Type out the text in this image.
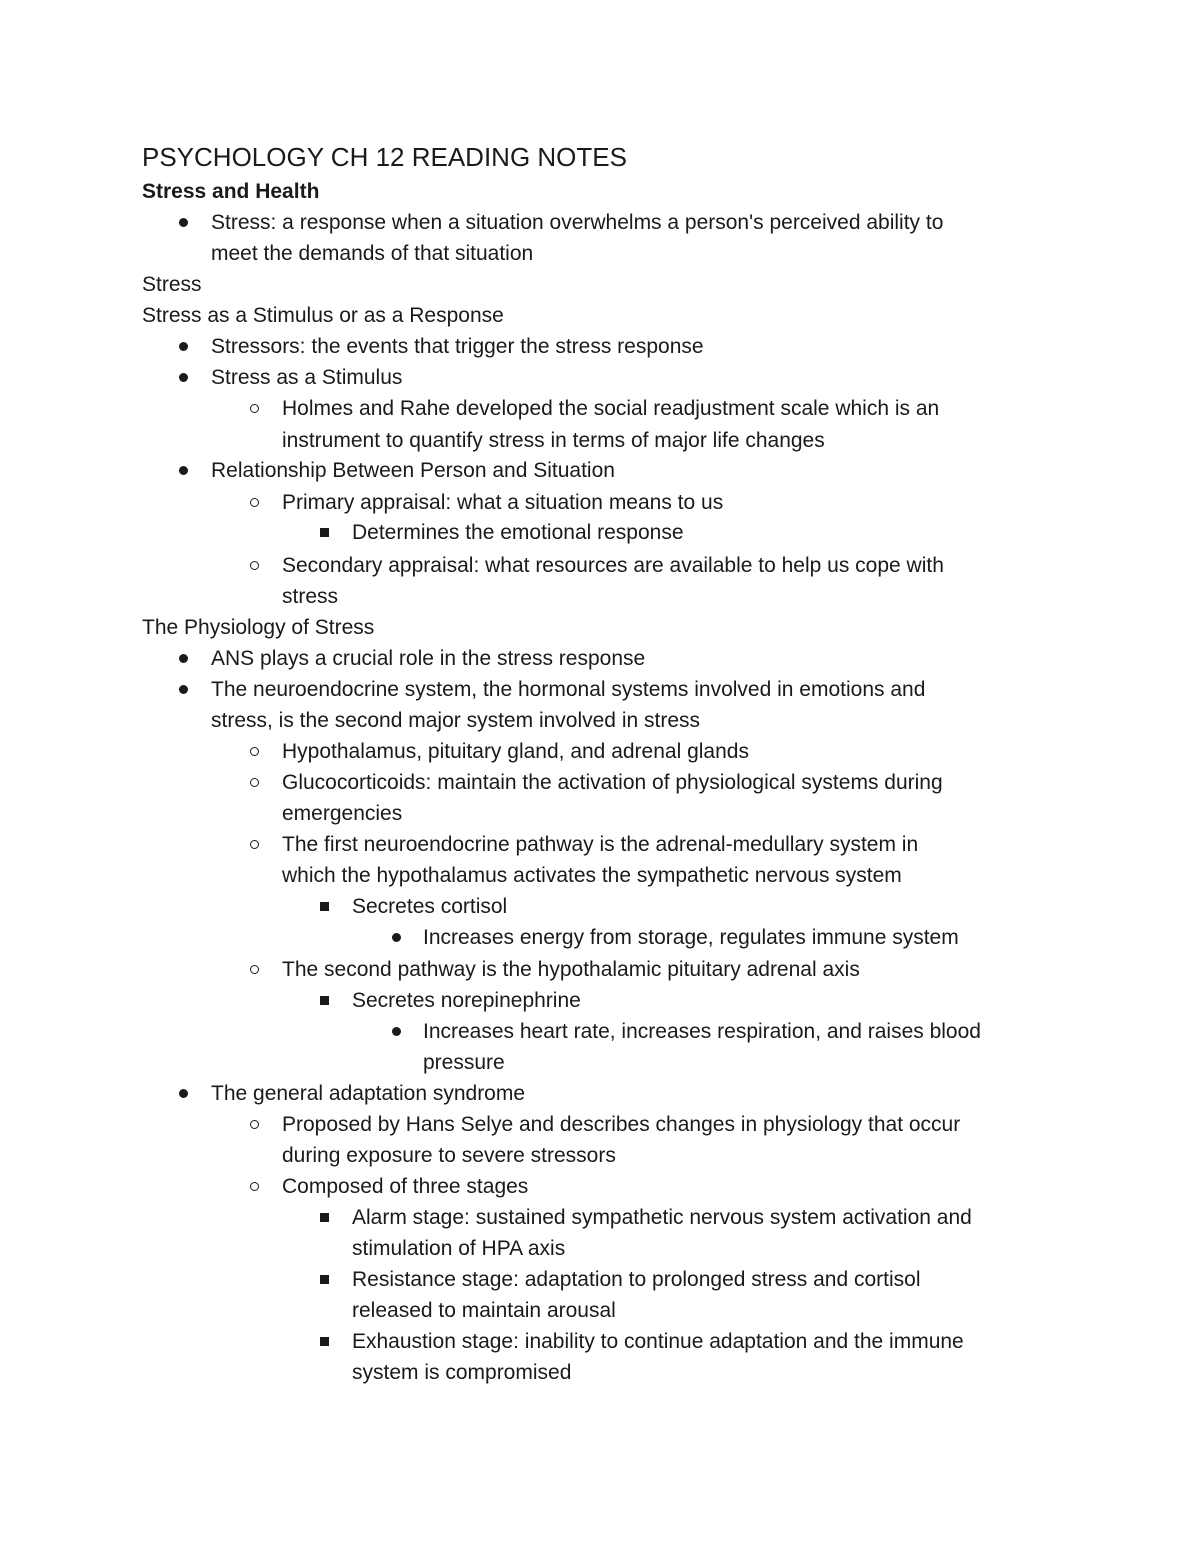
PSYCHOLOGY CH 12 READING NOTES
Stress and Health
Stress: a response when a situation overwhelms a person's perceived ability to
meet the demands of that situation
Stress
Stress as a Stimulus or as a Response
Stressors: the events that trigger the stress response
Stress as a Stimulus
Holmes and Rahe developed the social readjustment scale which is an
instrument to quantify stress in terms of major life changes
Relationship Between Person and Situation
Primary appraisal: what a situation means to us
Determines the emotional response
Secondary appraisal: what resources are available to help us cope with
stress
The Physiology of Stress
ANS plays a crucial role in the stress response
The neuroendocrine system, the hormonal systems involved in emotions and
stress, is the second major system involved in stress
Hypothalamus, pituitary gland, and adrenal glands
Glucocorticoids: maintain the activation of physiological systems during
emergencies
The first neuroendocrine pathway is the adrenal-medullary system in
which the hypothalamus activates the sympathetic nervous system
Secretes cortisol
Increases energy from storage, regulates immune system
The second pathway is the hypothalamic pituitary adrenal axis
Secretes norepinephrine
Increases heart rate, increases respiration, and raises blood
pressure
The general adaptation syndrome
Proposed by Hans Selye and describes changes in physiology that occur
during exposure to severe stressors
Composed of three stages
Alarm stage: sustained sympathetic nervous system activation and
stimulation of HPA axis
Resistance stage: adaptation to prolonged stress and cortisol
released to maintain arousal
Exhaustion stage: inability to continue adaptation and the immune
system is compromised
